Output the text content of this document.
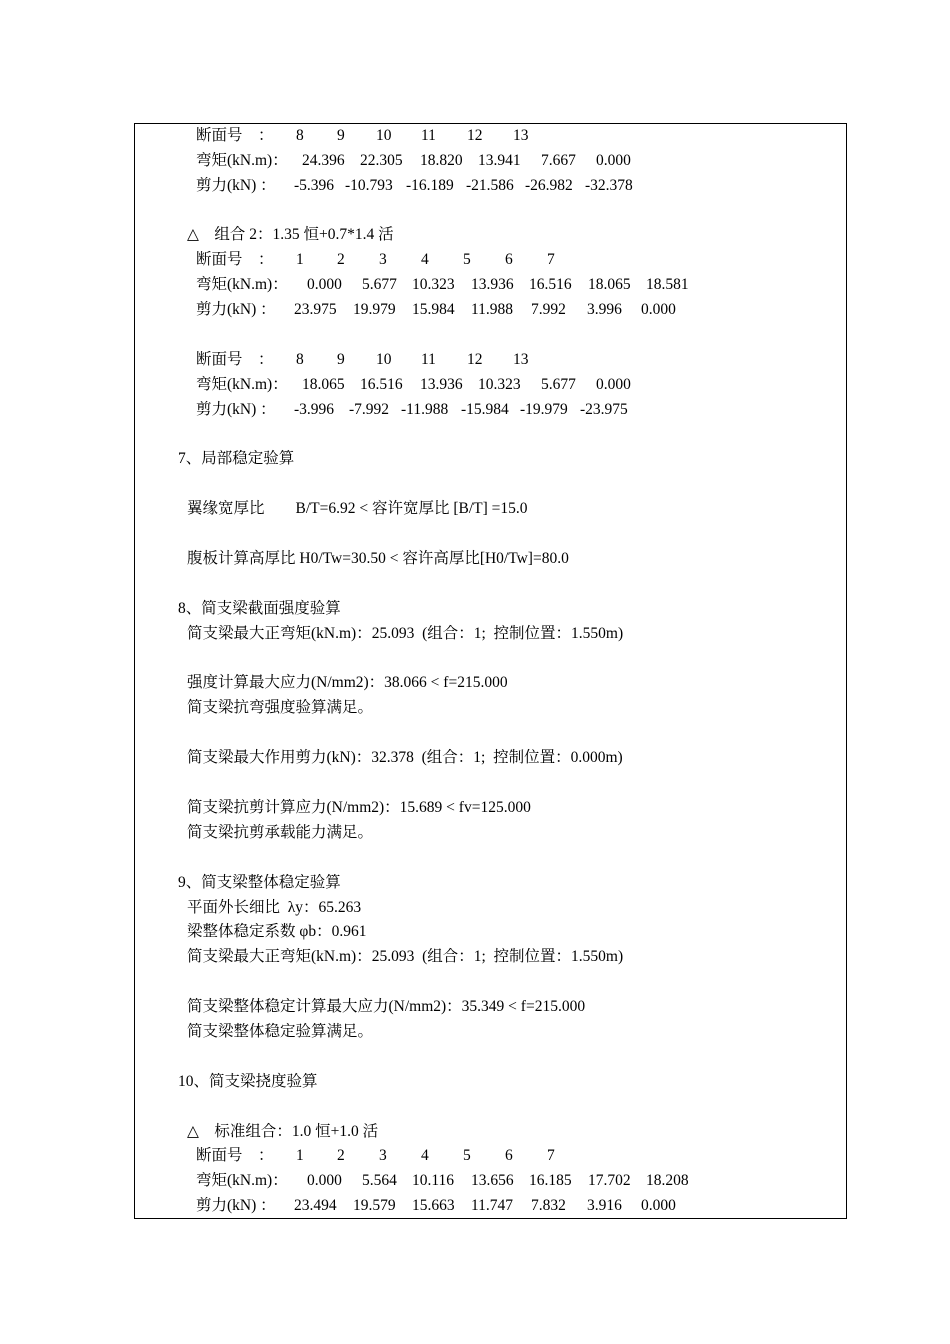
断面号　： 8 9 10 11 12 13
弯矩(kN.m)： 24.396 22.305 18.820 13.941 7.667 0.000
剪力(kN) ： -5.396 -10.793 -16.189 -21.586 -26.982 -32.378
△　组合 2：1.35 恒+0.7*1.4 活
断面号　： 1 2 3 4 5 6 7
弯矩(kN.m)： 0.000 5.677 10.323 13.936 16.516 18.065 18.581
剪力(kN) ： 23.975 19.979 15.984 11.988 7.992 3.996 0.000
断面号　： 8 9 10 11 12 13
弯矩(kN.m)： 18.065 16.516 13.936 10.323 5.677 0.000
剪力(kN) ： -3.996 -7.992 -11.988 -15.984 -19.979 -23.975
7、局部稳定验算
翼缘宽厚比　　B/T=6.92 < 容许宽厚比 [B/T] =15.0
腹板计算高厚比 H0/Tw=30.50 < 容许高厚比[H0/Tw]=80.0
8、简支梁截面强度验算
简支梁最大正弯矩(kN.m)：25.093  (组合：1;  控制位置：1.550m)
强度计算最大应力(N/mm2)：38.066 < f=215.000
简支梁抗弯强度验算满足。
简支梁最大作用剪力(kN)：32.378  (组合：1;  控制位置：0.000m)
简支梁抗剪计算应力(N/mm2)：15.689 < fv=125.000
简支梁抗剪承载能力满足。
9、简支梁整体稳定验算
平面外长细比  λy：65.263
梁整体稳定系数 φb：0.961
简支梁最大正弯矩(kN.m)：25.093  (组合：1;  控制位置：1.550m)
简支梁整体稳定计算最大应力(N/mm2)：35.349 < f=215.000
简支梁整体稳定验算满足。
10、简支梁挠度验算
△　标准组合：1.0 恒+1.0 活
断面号　： 1 2 3 4 5 6 7
弯矩(kN.m)： 0.000 5.564 10.116 13.656 16.185 17.702 18.208
剪力(kN) ： 23.494 19.579 15.663 11.747 7.832 3.916 0.000
